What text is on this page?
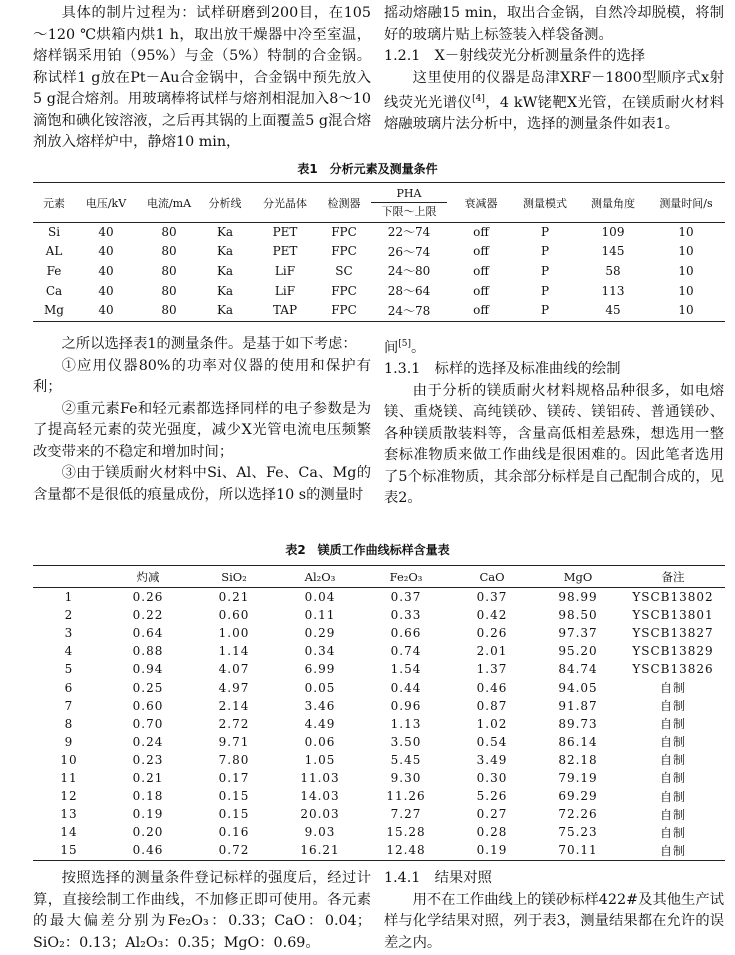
具体的制片过程为：试样研磨到200目，在105～120 ℃烘箱内烘1 h，取出放干燥器中冷至室温，熔样锅采用铂（95%）与金（5%）特制的合金锅。称试样1 g放在Pt－Au合金锅中，合金锅中预先放入5 g混合熔剂。用玻璃棒将试样与熔剂相混加入8～10滴饱和碘化铵溶液，之后再其锅的上面覆盖5 g混合熔剂放入熔样炉中，静熔10 min，

摇动熔融15 min，取出合金锅，自然冷却脱模，将制好的玻璃片贴上标签装入样袋备测。

1.2.1　X－射线荧光分析测量条件的选择

这里使用的仪器是岛津XRF－1800型顺序式x射线荧光光谱仪[4]，4 kW铑靶X光管，在镁质耐火材料熔融玻璃片法分析中，选择的测量条件如表1。

表1　分析元素及测量条件
元素	电压/kV	电流/mA	分析线	分光晶体	检测器	PHA
下限～上限	衰减器	测量模式	测量角度	测量时间/s
Si	40	80	Ka	PET	FPC	22～74	off	P	109	10
AL	40	80	Ka	PET	FPC	26～74	off	P	145	10
Fe	40	80	Ka	LiF	SC	24～80	off	P	58	10
Ca	40	80	Ka	LiF	FPC	28～64	off	P	113	10
Mg	40	80	Ka	TAP	FPC	24～78	off	P	45	10

之所以选择表1的测量条件。是基于如下考虑：

①应用仪器80%的功率对仪器的使用和保护有利；

②重元素Fe和轻元素都选择同样的电子参数是为了提高轻元素的荧光强度，减少X光管电流电压频繁改变带来的不稳定和增加时间；

③由于镁质耐火材料中Si、Al、Fe、Ca、Mg的含量都不是很低的痕量成份，所以选择10 s的测量时

间[5]。

1.3.1　标样的选择及标准曲线的绘制

由于分析的镁质耐火材料规格品种很多，如电熔镁、重烧镁、高纯镁砂、镁砖、镁铝砖、普通镁砂、各种镁质散装料等，含量高低相差悬殊，想选用一整套标准物质来做工作曲线是很困难的。因此笔者选用了5个标准物质，其余部分标样是自己配制合成的，见表2。

表2　镁质工作曲线标样含量表
	灼减	SiO₂	Al₂O₃	Fe₂O₃	CaO	MgO	备注
1	0.26	0.21	0.04	0.37	0.37	98.99	YSCB13802
2	0.22	0.60	0.11	0.33	0.42	98.50	YSCB13801
3	0.64	1.00	0.29	0.66	0.26	97.37	YSCB13827
4	0.88	1.14	0.34	0.74	2.01	95.20	YSCB13829
5	0.94	4.07	6.99	1.54	1.37	84.74	YSCB13826
6	0.25	4.97	0.05	0.44	0.46	94.05	自制
7	0.60	2.14	3.46	0.96	0.87	91.87	自制
8	0.70	2.72	4.49	1.13	1.02	89.73	自制
9	0.24	9.71	0.06	3.50	0.54	86.14	自制
10	0.23	7.80	1.05	5.45	3.49	82.18	自制
11	0.21	0.17	11.03	9.30	0.30	79.19	自制
12	0.18	0.15	14.03	11.26	5.26	69.29	自制
13	0.19	0.15	20.03	7.27	0.27	72.26	自制
14	0.20	0.16	9.03	15.28	0.28	75.23	自制
15	0.46	0.72	16.21	12.48	0.19	70.11	自制

按照选择的测量条件登记标样的强度后，经过计算，直接绘制工作曲线，不加修正即可使用。各元素的最大偏差分别为Fe₂O₃：0.33；CaO：0.04；SiO₂：0.13；Al₂O₃：0.35；MgO：0.69。

1.4.1　结果对照

用不在工作曲线上的镁砂标样422#及其他生产试样与化学结果对照，列于表3，测量结果都在允许的误差之内。
